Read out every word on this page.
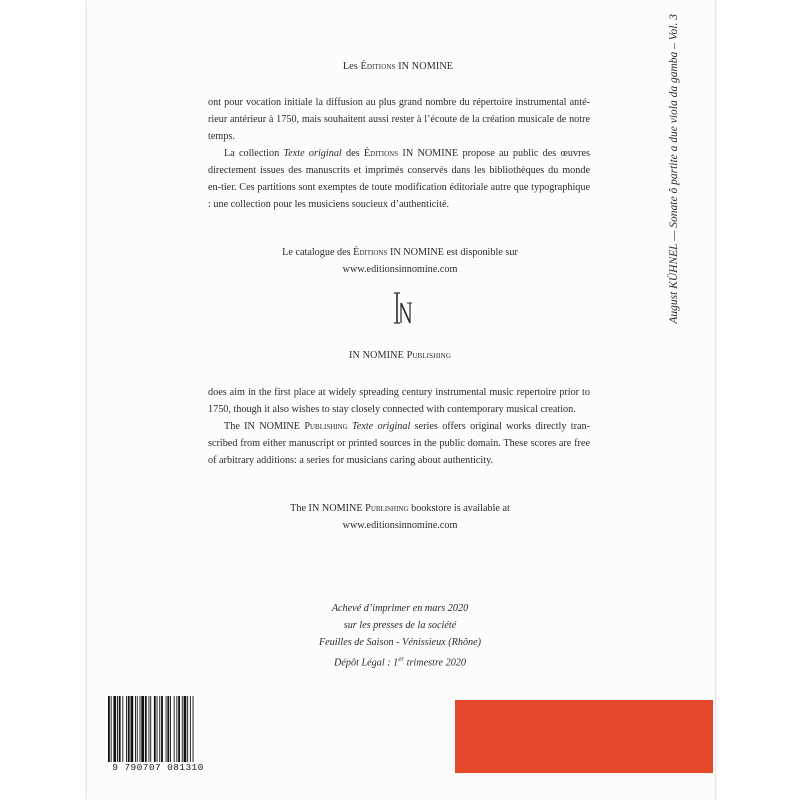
Les Éditions IN NOMINE

ont pour vocation initiale la diffusion au plus grand nombre du répertoire instrumental anté-rieur antérieur à 1750, mais souhaitent aussi rester à l’écoute de la création musicale de notre temps.

La collection Texte original des Éditions IN NOMINE propose au public des œuvres directement issues des manuscrits et imprimés conservés dans les bibliothèques du monde en-tier. Ces partitions sont exemptes de toute modification éditoriale autre que typographique : une collection pour les musiciens soucieux d’authenticité.

Le catalogue des Éditions IN NOMINE est disponible sur

www.editionsinnomine.com

IN NOMINE Publishing

does aim in the first place at widely spreading century instrumental music repertoire prior to 1750, though it also wishes to stay closely connected with contemporary musical creation.

The IN NOMINE Publishing Texte original series offers original works directly tran-scribed from either manuscript or printed sources in the public domain. These scores are free of arbitrary additions: a series for musicians caring about authenticity.

The IN NOMINE Publishing bookstore is available at

www.editionsinnomine.com

Achevé d’imprimer en mars 2020

sur les presses de la société

Feuilles de Saison - Vénissieux (Rhône)

Dépôt Légal : 1er trimestre 2020

August KÜHNEL — Sonate ô partite a due viola da gamba – Vol. 3
9 790707 081310
